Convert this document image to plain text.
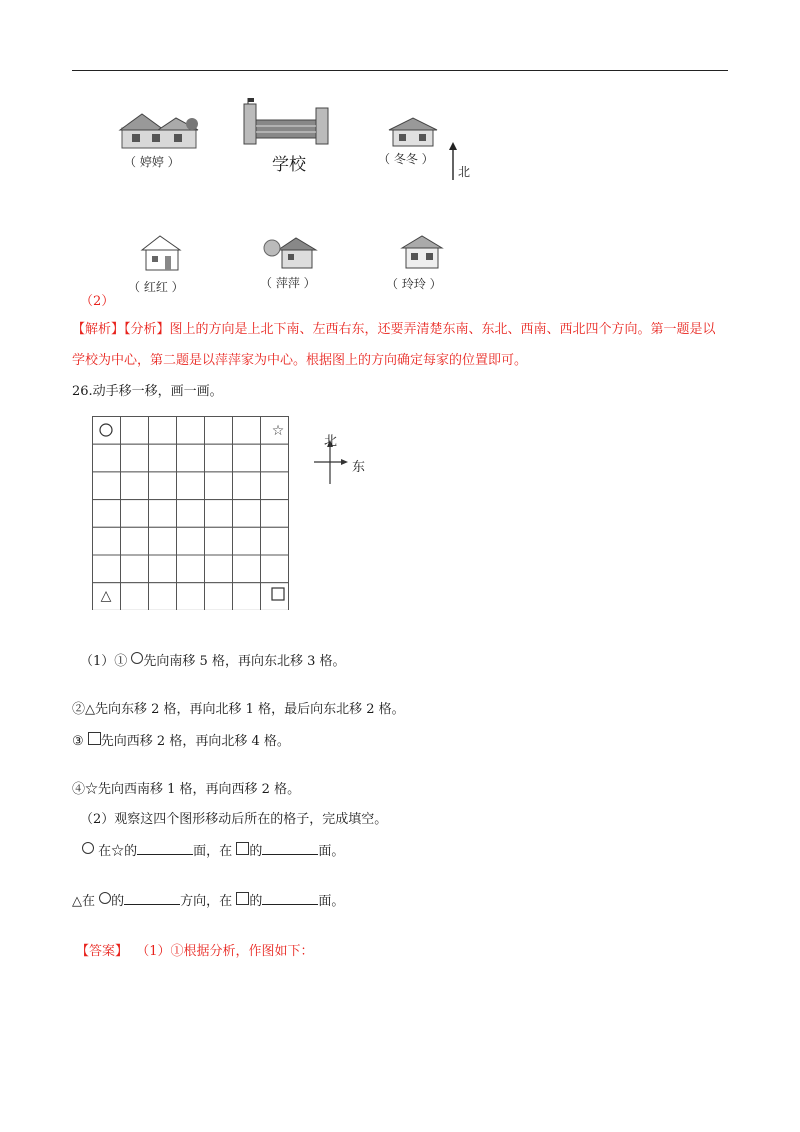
（ 婷婷 ）	学校	（ 冬冬 ）
北
（ 红红 ）	（ 萍萍 ）	（ 玲玲 ）
（2）
【解析】【分析】图上的方向是上北下南、左西右东，还要弄清楚东南、东北、西南、西北四个方向。第一题是以
学校为中心，第二题是以萍萍家为中心。根据图上的方向确定每家的位置即可。
26.动手移一移，画一画。
☆
△
北
东
（1）① 先向南移 5 格，再向东北移 3 格。
②△先向东移 2 格，再向北移 1 格，最后向东北移 2 格。
③ 先向西移 2 格，再向北移 4 格。
④☆先向西南移 1 格，再向西移 2 格。
（2）观察这四个图形移动后所在的格子，完成填空。
在☆的	面，在 的	面。
△在 的	方向，在 的	面。
【答案】 （1）①根据分析，作图如下：
